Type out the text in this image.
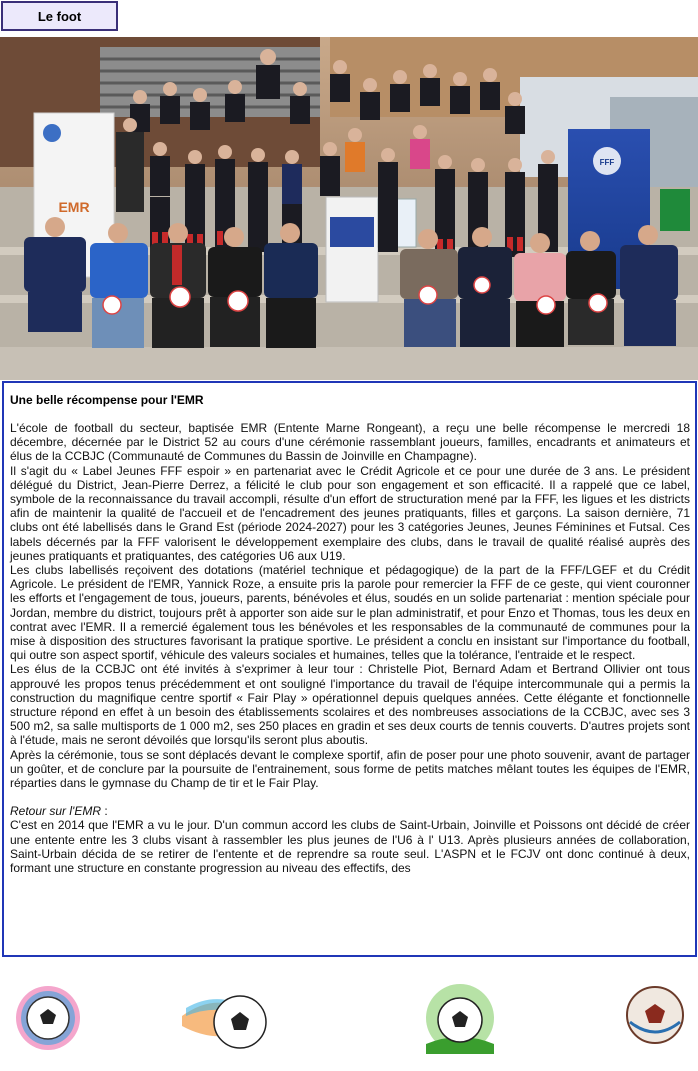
Le foot
EMR
FFF
Une belle récompense pour l'EMR

L'école de football du secteur, baptisée EMR (Entente Marne Rongeant), a reçu une belle récompense le mercredi 18 décembre, décernée par le District 52 au cours d'une cérémonie rassemblant joueurs, familles, encadrants et animateurs et élus de la CCBJC (Communauté de Communes du Bassin de Joinville en Champagne).

Il s'agit du « Label Jeunes FFF espoir » en partenariat avec le Crédit Agricole et ce pour une durée de 3 ans. Le président délégué du District, Jean-Pierre Derrez, a félicité le club pour son engagement et son efficacité. Il a rappelé que ce label, symbole de la reconnaissance du travail accompli, résulte d'un effort de structuration mené par la FFF, les ligues et les districts afin de maintenir la qualité de l'accueil et de l'encadrement des jeunes pratiquants, filles et garçons. La saison dernière, 71 clubs ont été labellisés dans le Grand Est (période 2024-2027) pour les 3 catégories Jeunes, Jeunes Féminines et Futsal. Ces labels décernés par la FFF valorisent le développement exemplaire des clubs, dans le travail de qualité réalisé auprès des jeunes pratiquants et pratiquantes, des catégories U6 aux U19.

Les clubs labellisés reçoivent des dotations (matériel technique et pédagogique) de la part de la FFF/LGEF et du Crédit Agricole. Le président de l'EMR, Yannick Roze, a ensuite pris la parole pour remercier la FFF de ce geste, qui vient couronner les efforts et l'engagement de tous, joueurs, parents, bénévoles et élus, soudés en un solide partenariat : mention spéciale pour Jordan, membre du district, toujours prêt à apporter son aide sur le plan administratif, et pour Enzo et Thomas, tous les deux en contrat avec l'EMR. Il a remercié également tous les bénévoles et les responsables de la communauté de communes pour la mise à disposition des structures favorisant la pratique sportive. Le président a conclu en insistant sur l'importance du football, qui outre son aspect sportif, véhicule des valeurs sociales et humaines, telles que la tolérance, l'entraide et le respect.

Les élus de la CCBJC ont été invités à s'exprimer à leur tour : Christelle Piot, Bernard Adam et Bertrand Ollivier ont tous approuvé les propos tenus précédemment et ont souligné l'importance du travail de l'équipe intercommunale qui a permis la construction du magnifique centre sportif « Fair Play » opérationnel depuis quelques années. Cette élégante et fonctionnelle structure répond en effet à un besoin des établissements scolaires et des nombreuses associations de la CCBJC, avec ses 3 500 m2, sa salle multisports de 1 000 m2, ses 250 places en gradin et ses deux courts de tennis couverts. D'autres projets sont à l'étude, mais ne seront dévoilés que lorsqu'ils seront plus aboutis.

Après la cérémonie, tous se sont déplacés devant le complexe sportif, afin de poser pour une photo souvenir, avant de partager un goûter, et de conclure par la poursuite de l'entrainement, sous forme de petits matches mêlant toutes les équipes de l'EMR, réparties dans le gymnase du Champ de tir et le Fair Play.

Retour sur l'EMR :

C'est en 2014 que l'EMR a vu le jour. D'un commun accord les clubs de Saint-Urbain, Joinville et Poissons ont décidé de créer une entente entre les 3 clubs visant à rassembler les plus jeunes de l'U6 à l' U13. Après plusieurs années de collaboration, Saint-Urbain décida de se retirer de l'entente et de reprendre sa route seul. L'ASPN et le FCJV ont donc continué à deux, formant une structure en constante progression au niveau des effectifs, des
